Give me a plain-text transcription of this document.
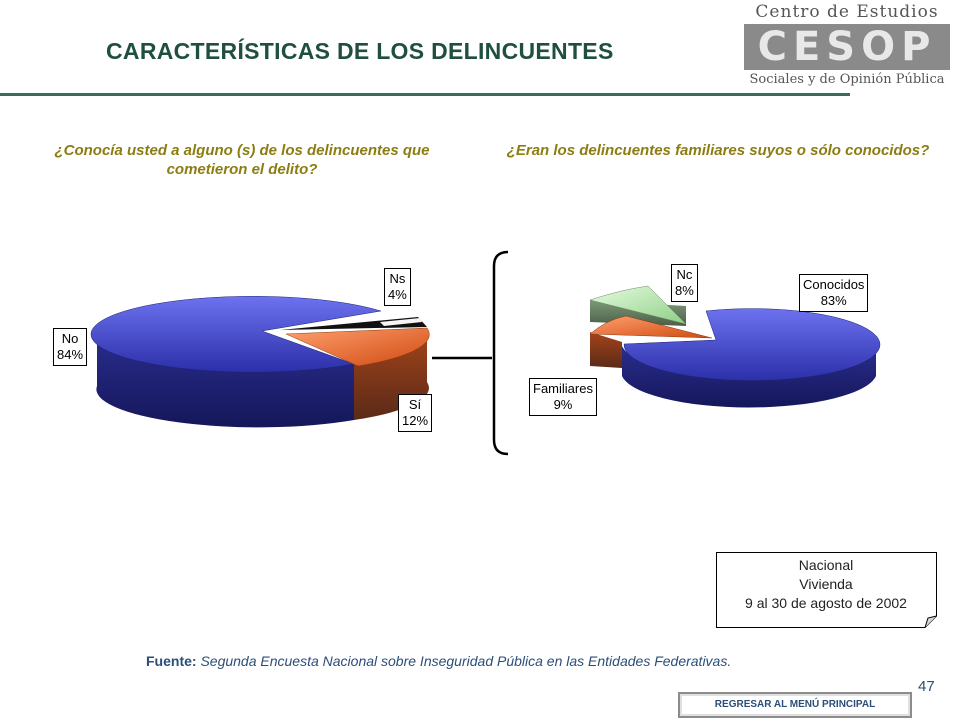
CARACTERÍSTICAS DE LOS DELINCUENTES
Centro de Estudios
CESOP
Sociales y de Opinión Pública
¿Conocía usted a alguno (s) de los delincuentes que cometieron el delito?
¿Eran los delincuentes familiares suyos o sólo conocidos?
No
84%
Ns
4%
Sí
12%
Nc
8%	Conocidos
83%
Familiares
9%
Nacional
Vivienda
9 al 30 de agosto de 2002
Fuente: Segunda Encuesta Nacional sobre Inseguridad Pública en las Entidades Federativas.
47
REGRESAR AL MENÚ PRINCIPAL
